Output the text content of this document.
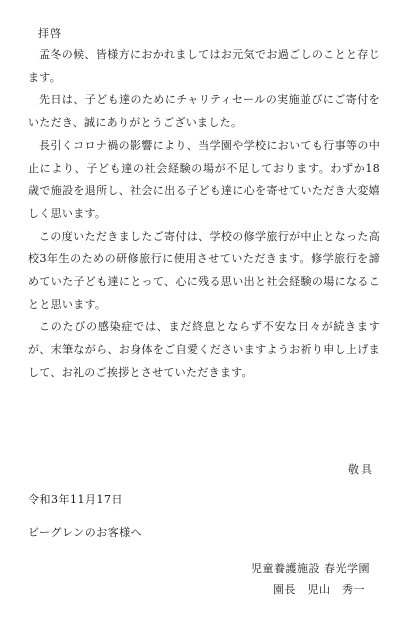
拝啓

孟冬の候、皆様方におかれましてはお元気でお過ごしのことと存じます。

先日は、子ども達のためにチャリティセールの実施並びにご寄付をいただき、誠にありがとうございました。

長引くコロナ禍の影響により、当学園や学校においても行事等の中止により、子ども達の社会経験の場が不足しております。わずか18歳で施設を退所し、社会に出る子ども達に心を寄せていただき大変嬉しく思います。

この度いただきましたご寄付は、学校の修学旅行が中止となった高校3年生のための研修旅行に使用させていただきます。修学旅行を諦めていた子ども達にとって、心に残る思い出と社会経験の場になることと思います。

このたびの感染症では、まだ終息とならず不安な日々が続きますが、末筆ながら、お身体をご自愛くださいますようお祈り申し上げまして、お礼のご挨拶とさせていただきます。

敬具
令和3年11月17日
ビーグレンのお客様へ
児童養護施設 春光学園
園長　児山　秀一
